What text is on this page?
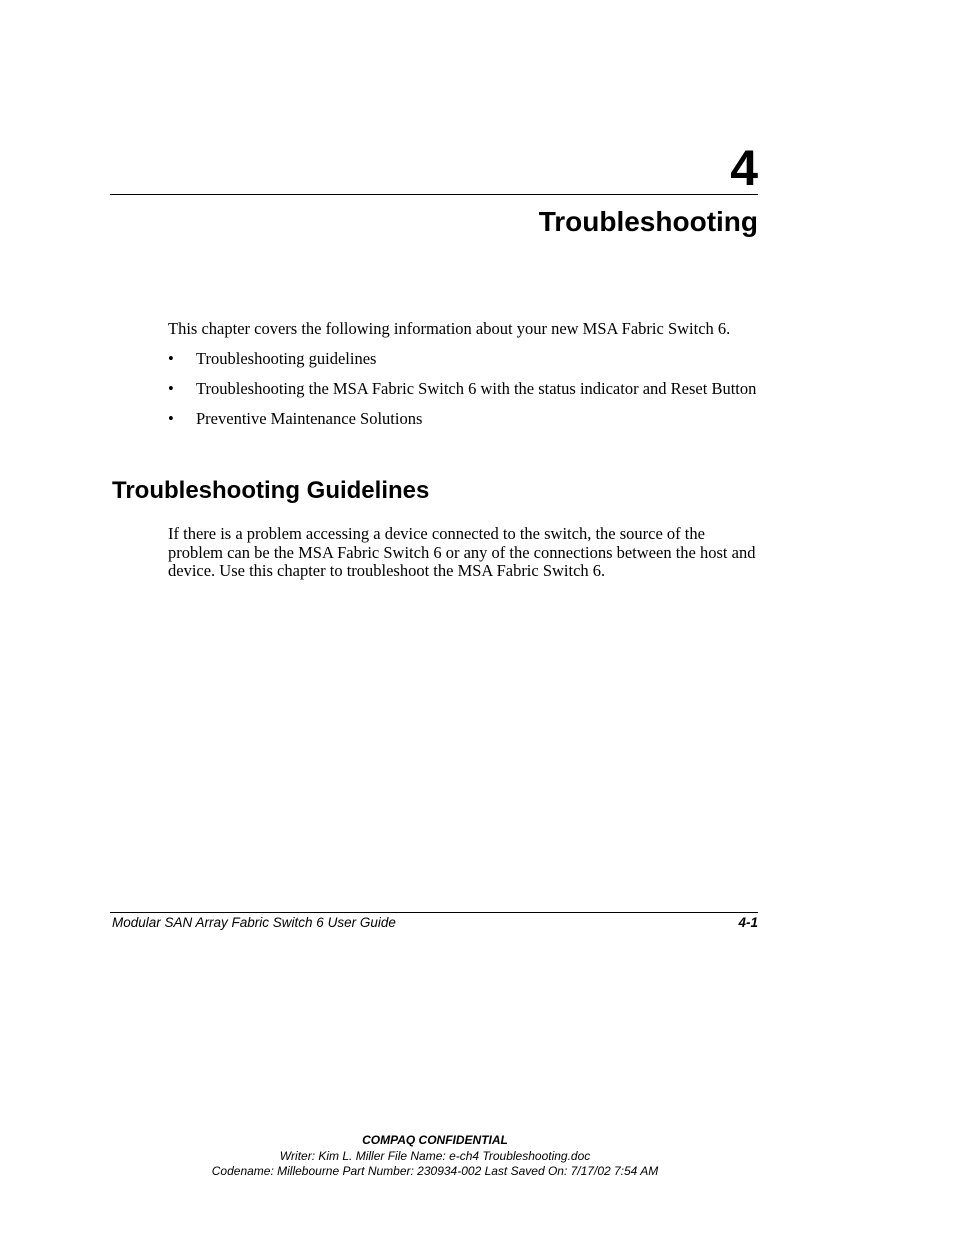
4
Troubleshooting

This chapter covers the following information about your new MSA Fabric Switch 6.

• Troubleshooting guidelines
• Troubleshooting the MSA Fabric Switch 6 with the status indicator and Reset Button
• Preventive Maintenance Solutions
Troubleshooting Guidelines

If there is a problem accessing a device connected to the switch, the source of the problem can be the MSA Fabric Switch 6 or any of the connections between the host and device. Use this chapter to troubleshoot the MSA Fabric Switch 6.

Modular SAN Array Fabric Switch 6 User Guide	4-1
COMPAQ CONFIDENTIAL
Writer: Kim L. Miller File Name: e-ch4 Troubleshooting.doc
Codename: Millebourne Part Number: 230934-002 Last Saved On: 7/17/02 7:54 AM
